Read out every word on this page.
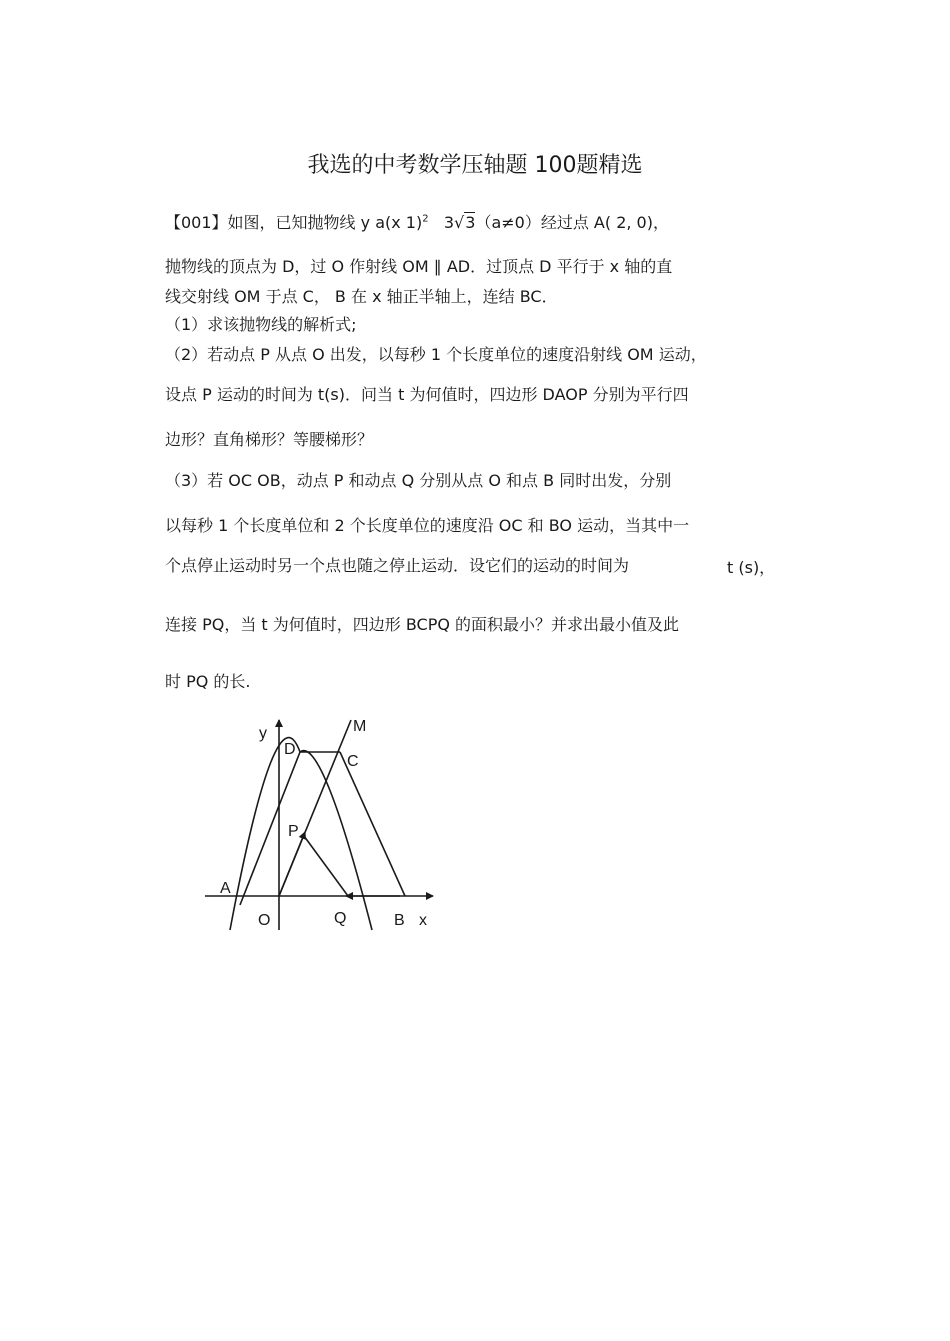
我选的中考数学压轴题 100题精选
【001】如图，已知抛物线 y a(x 1)$^2$ 3√3（a≠0）经过点 A( 2, 0)，
抛物线的顶点为 D，过 O 作射线 OM ∥ AD．过顶点 D 平行于 x 轴的直
线交射线 OM 于点 C， B 在 x 轴正半轴上，连结 BC．
（1）求该抛物线的解析式;
（2）若动点 P 从点 O 出发，以每秒 1 个长度单位的速度沿射线 OM 运动，
设点 P 运动的时间为 t(s)．问当 t 为何值时，四边形 DAOP 分别为平行四
边形？直角梯形？等腰梯形？
（3）若 OC OB，动点 P 和动点 Q 分别从点 O 和点 B 同时出发，分别
以每秒 1 个长度单位和 2 个长度单位的速度沿 OC 和 BO 运动，当其中一
个点停止运动时另一个点也随之停止运动．设它们的运动的时间为	t (s)，
连接 PQ，当 t 为何值时，四边形 BCPQ 的面积最小？并求出最小值及此
时 PQ 的长.
y	M
D
C
P
A
O	Q	B x
